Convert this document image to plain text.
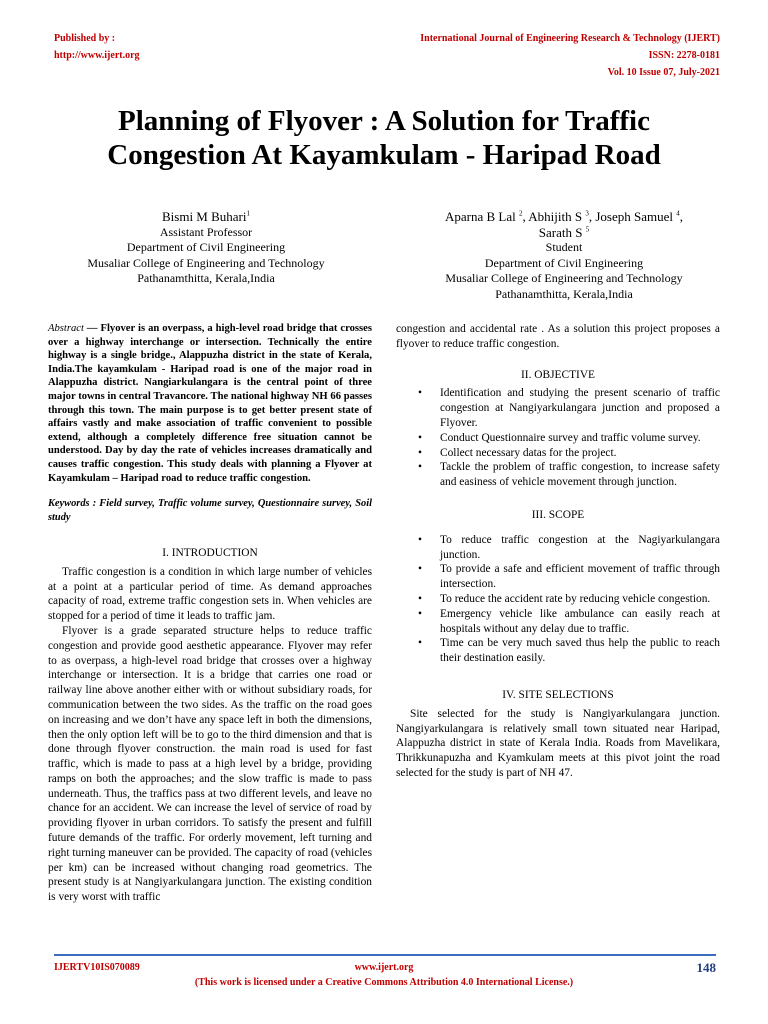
Published by :
http://www.ijert.org
International Journal of Engineering Research & Technology (IJERT)
ISSN: 2278-0181
Vol. 10 Issue 07, July-2021
Planning of Flyover : A Solution for Traffic
Congestion At Kayamkulam - Haripad Road
Bismi M Buhari$^1$
Assistant Professor
Department of Civil Engineering
Musaliar College of Engineering and Technology
Pathanamthitta, Kerala,India
Aparna B Lal $^2$, Abhijith S $^3$, Joseph Samuel $^4$,
Sarath S $^5$
Student
Department of Civil Engineering
Musaliar College of Engineering and Technology
Pathanamthitta, Kerala,India
Abstract — Flyover is an overpass, a high-level road bridge that crosses over a highway interchange or intersection. Technically the entire highway is a single bridge., Alappuzha district in the state of Kerala, India.The kayamkulam - Haripad road is one of the major road in Alappuzha district. Nangiarkulangara is the central point of three major towns in central Travancore. The national highway NH 66 passes through this town. The main purpose is to get better present state of affairs vastly and make association of traffic convenient to possible extend, although a completely difference free situation cannot be understood. Day by day the rate of vehicles increases dramatically and causes traffic congestion. This study deals with planning a Flyover at Kayamkulam – Haripad road to reduce traffic congestion.
Keywords : Field survey, Traffic volume survey, Questionnaire survey, Soil study
I. INTRODUCTION

Traffic congestion is a condition in which large number of vehicles at a point at a particular period of time. As demand approaches capacity of road, extreme traffic congestion sets in. When vehicles are stopped for a period of time it leads to traffic jam.

Flyover is a grade separated structure helps to reduce traffic congestion and provide good aesthetic appearance. Flyover may refer to as overpass, a high-level road bridge that crosses over a highway interchange or intersection. It is a bridge that carries one road or railway line above another either with or without subsidiary roads, for communication between the two sides. As the traffic on the road goes on increasing and we don’t have any space left in both the dimensions, then the only option left will be to go to the third dimension and that is done through flyover construction. the main road is used for fast traffic, which is made to pass at a high level by a bridge, providing ramps on both the approaches; and the slow traffic is made to pass underneath. Thus, the traffics pass at two different levels, and leave no chance for an accident. We can increase the level of service of road by providing flyover in urban corridors. To satisfy the present and fulfill future demands of the traffic. For orderly movement, left turning and right turning maneuver can be provided. The capacity of road (vehicles per km) can be increased without changing road geometrics. The present study is at Nangiyarkulangara junction. The existing condition is very worst with traffic

congestion and accidental rate . As a solution this project proposes a flyover to reduce traffic congestion.

II. OBJECTIVE
• Identification and studying the present scenario of traffic congestion at Nangiyarkulangara junction and proposed a Flyover.
• Conduct Questionnaire survey and traffic volume survey.
• Collect necessary datas for the project.
• Tackle the problem of traffic congestion, to increase safety and easiness of vehicle movement through junction.
III. SCOPE
• To reduce traffic congestion at the Nagiyarkulangara junction.
• To provide a safe and efficient movement of traffic through intersection.
• To reduce the accident rate by reducing vehicle congestion.
• Emergency vehicle like ambulance can easily reach at hospitals without any delay due to traffic.
• Time can be very much saved thus help the public to reach their destination easily.
IV. SITE SELECTIONS

Site selected for the study is Nangiyarkulangara junction. Nangiyarkulangara is relatively small town situated near Haripad, Alappuzha district in state of Kerala India. Roads from Mavelikara, Thrikkunapuzha and Kyamkulam meets at this pivot joint the road selected for the study is part of NH 47.

IJERTV10IS070089	www.ijert.org
(This work is licensed under a Creative Commons Attribution 4.0 International License.)
148
